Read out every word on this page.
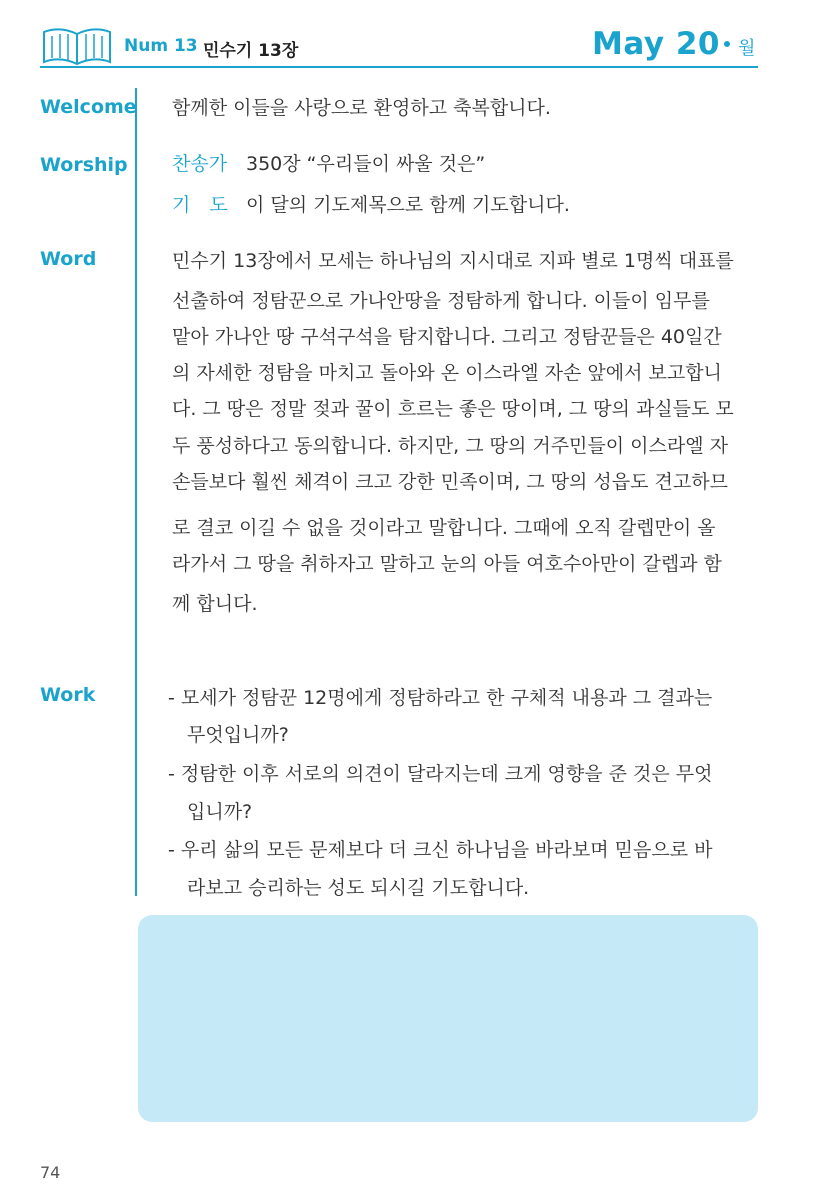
Num 13 민수기 13장	May 20 월
Welcome 함께한 이들을 사랑으로 환영하고 축복합니다.
Worship 찬송가 350장 “우리들이 싸울 것은”
기　도 이 달의 기도제목으로 함께 기도합니다.
Word	민수기 13장에서 모세는 하나님의 지시대로 지파 별로 1명씩 대표를
선출하여 정탐꾼으로 가나안땅을 정탐하게 합니다. 이들이 임무를
맡아 가나안 땅 구석구석을 탐지합니다. 그리고 정탐꾼들은 40일간
의 자세한 정탐을 마치고 돌아와 온 이스라엘 자손 앞에서 보고합니
다. 그 땅은 정말 젖과 꿀이 흐르는 좋은 땅이며, 그 땅의 과실들도 모
두 풍성하다고 동의합니다. 하지만, 그 땅의 거주민들이 이스라엘 자
손들보다 훨씬 체격이 크고 강한 민족이며, 그 땅의 성읍도 견고하므
로 결코 이길 수 없을 것이라고 말합니다. 그때에 오직 갈렙만이 올
라가서 그 땅을 취하자고 말하고 눈의 아들 여호수아만이 갈렙과 함
께 합니다.
Work	- 모세가 정탐꾼 12명에게 정탐하라고 한 구체적 내용과 그 결과는
무엇입니까?
- 정탐한 이후 서로의 의견이 달라지는데 크게 영향을 준 것은 무엇
입니까?
- 우리 삶의 모든 문제보다 더 크신 하나님을 바라보며 믿음으로 바
라보고 승리하는 성도 되시길 기도합니다.
74
